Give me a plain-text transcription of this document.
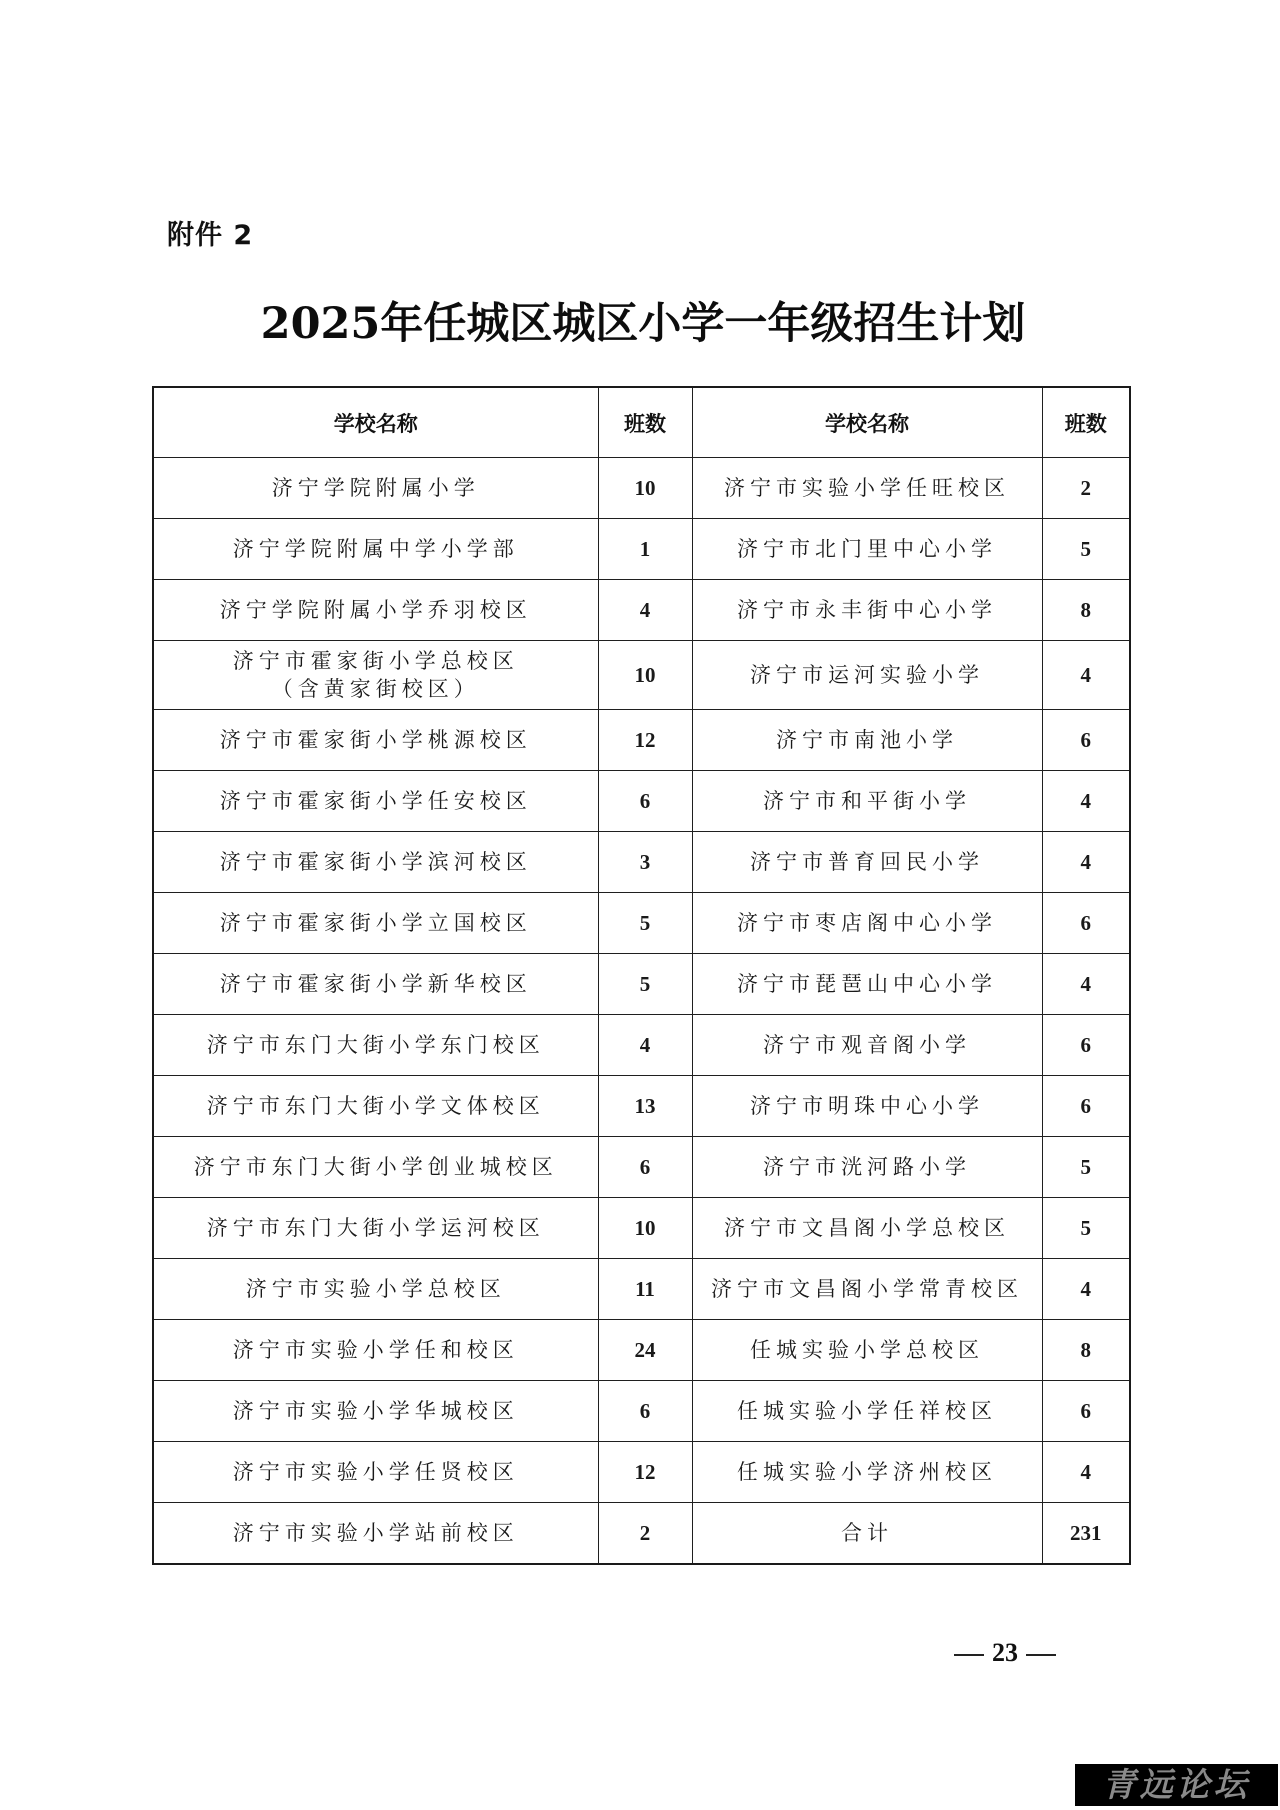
附件 2
2025年任城区城区小学一年级招生计划
学校名称	班数	学校名称	班数
济宁学院附属小学	10	济宁市实验小学任旺校区	2
济宁学院附属中学小学部	1	济宁市北门里中心小学	5
济宁学院附属小学乔羽校区	4	济宁市永丰街中心小学	8

济宁市霍家街小学总校区
（含黄家街校区）	10	济宁市运河实验小学	4
济宁市霍家街小学桃源校区	12	济宁市南池小学	6
济宁市霍家街小学任安校区	6	济宁市和平街小学	4
济宁市霍家街小学滨河校区	3	济宁市普育回民小学	4
济宁市霍家街小学立国校区	5	济宁市枣店阁中心小学	6
济宁市霍家街小学新华校区	5	济宁市琵琶山中心小学	4
济宁市东门大街小学东门校区	4	济宁市观音阁小学	6
济宁市东门大街小学文体校区	13	济宁市明珠中心小学	6
济宁市东门大街小学创业城校区	6	济宁市洸河路小学	5
济宁市东门大街小学运河校区	10	济宁市文昌阁小学总校区	5
济宁市实验小学总校区	11	济宁市文昌阁小学常青校区	4
济宁市实验小学任和校区	24	任城实验小学总校区	8
济宁市实验小学华城校区	6	任城实验小学任祥校区	6
济宁市实验小学任贤校区	12	任城实验小学济州校区	4
济宁市实验小学站前校区	2	合计	231
23
青远论坛
